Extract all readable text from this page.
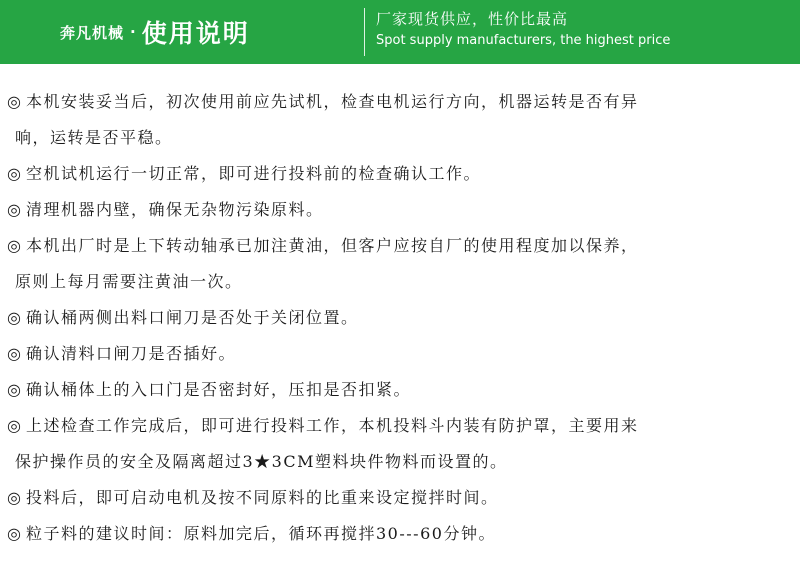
奔凡机械 · 使用说明	厂家现货供应，性价比最高
Spot supply manufacturers, the highest price
◎ 本机安装妥当后，初次使用前应先试机，检查电机运行方向，机器运转是否有异
响，运转是否平稳。
◎ 空机试机运行一切正常，即可进行投料前的检查确认工作。
◎ 清理机器内壁，确保无杂物污染原料。
◎ 本机出厂时是上下转动轴承已加注黄油，但客户应按自厂的使用程度加以保养，
原则上每月需要注黄油一次。
◎ 确认桶两侧出料口闸刀是否处于关闭位置。
◎ 确认清料口闸刀是否插好。
◎ 确认桶体上的入口门是否密封好，压扣是否扣紧。
◎ 上述检查工作完成后，即可进行投料工作，本机投料斗内装有防护罩，主要用来
保护操作员的安全及隔离超过3★3CM塑料块件物料而设置的。
◎ 投料后，即可启动电机及按不同原料的比重来设定搅拌时间。
◎ 粒子料的建议时间：原料加完后，循环再搅拌30---60分钟。
